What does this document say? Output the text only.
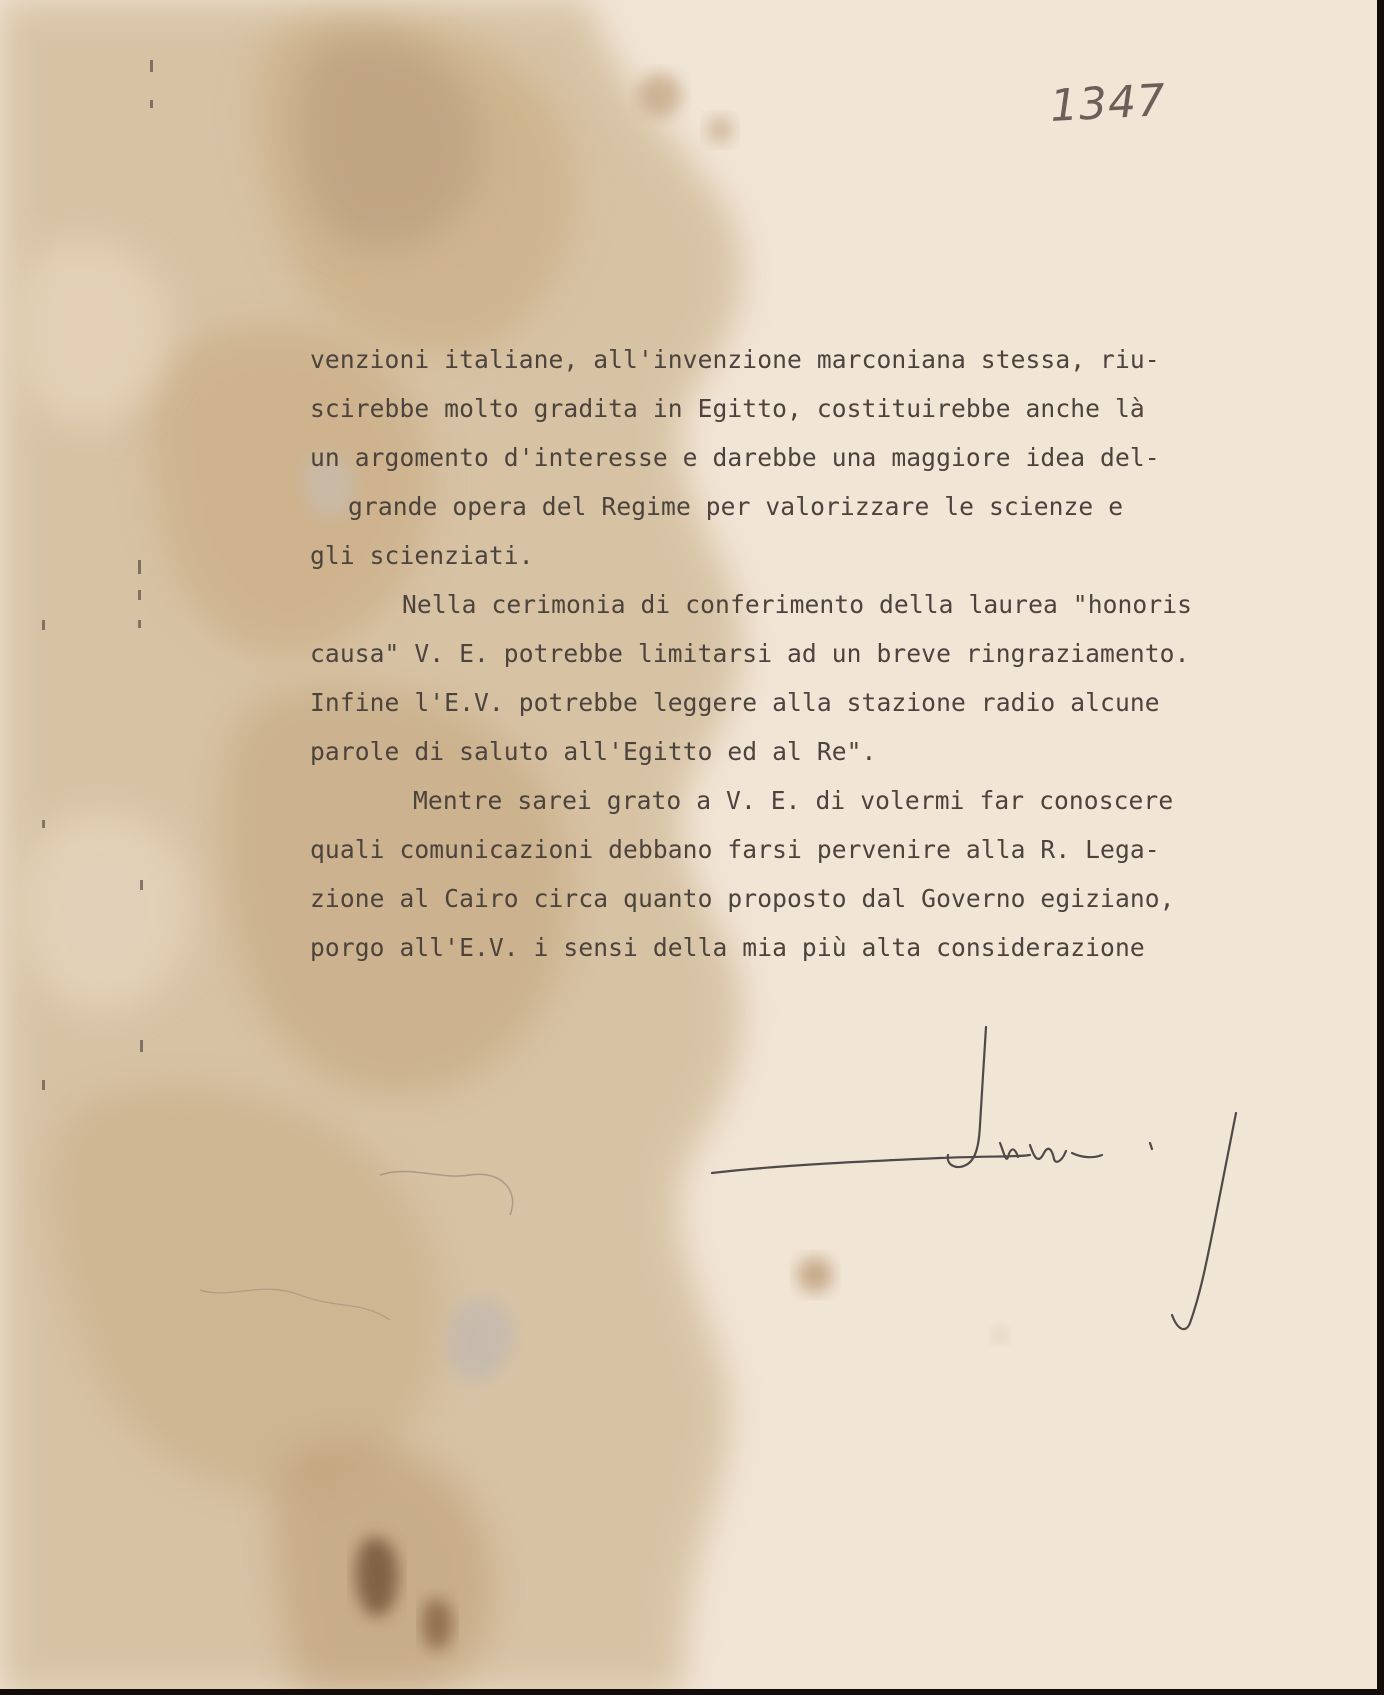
1347
venzioni italiane, all'invenzione marconiana stessa, riu-
scirebbe molto gradita in Egitto, costituirebbe anche là
un argomento d'interesse e darebbe una maggiore idea del-
grande opera del Regime per valorizzare le scienze e
gli scienziati.
Nella cerimonia di conferimento della laurea "honoris
causa" V. E. potrebbe limitarsi ad un breve ringraziamento.
Infine l'E.V. potrebbe leggere alla stazione radio alcune
parole di saluto all'Egitto ed al Re".
Mentre sarei grato a V. E. di volermi far conoscere
quali comunicazioni debbano farsi pervenire alla R. Lega-
zione al Cairo circa quanto proposto dal Governo egiziano,
porgo all'E.V. i sensi della mia più alta considerazione
